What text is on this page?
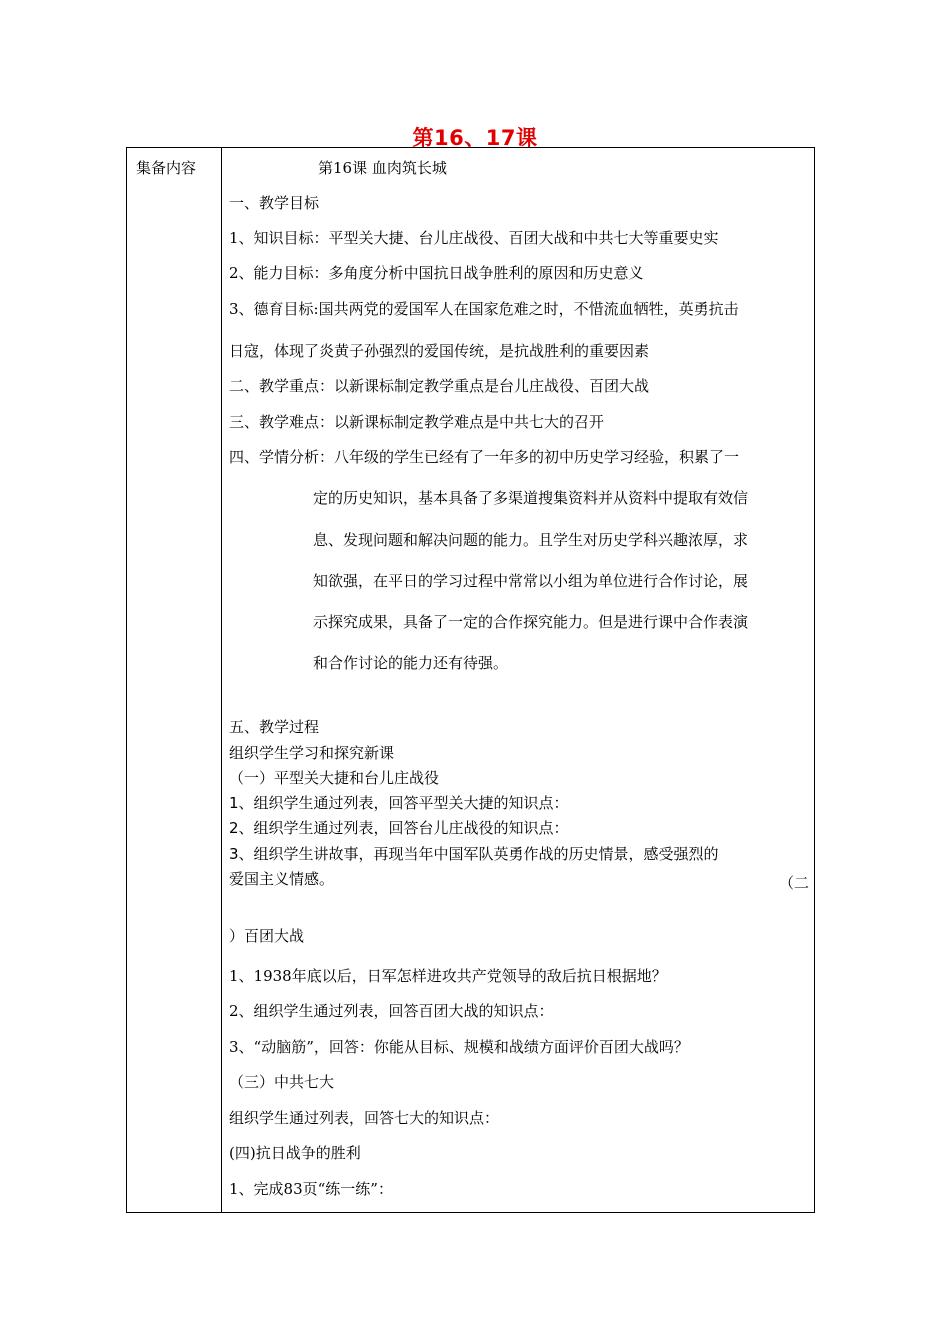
第16、17课
集备内容	第16课 血肉筑长城
一、教学目标
1、知识目标：平型关大捷、台儿庄战役、百团大战和中共七大等重要史实
2、能力目标：多角度分析中国抗日战争胜利的原因和历史意义
3、德育目标:国共两党的爱国军人在国家危难之时，不惜流血牺牲，英勇抗击
日寇，体现了炎黄子孙强烈的爱国传统，是抗战胜利的重要因素
二、教学重点：以新课标制定教学重点是台儿庄战役、百团大战
三、教学难点：以新课标制定教学难点是中共七大的召开
四、学情分析：八年级的学生已经有了一年多的初中历史学习经验，积累了一
定的历史知识，基本具备了多渠道搜集资料并从资料中提取有效信
息、发现问题和解决问题的能力。且学生对历史学科兴趣浓厚，求
知欲强，在平日的学习过程中常常以小组为单位进行合作讨论，展
示探究成果，具备了一定的合作探究能力。但是进行课中合作表演
和合作讨论的能力还有待强。
五、教学过程
组织学生学习和探究新课
（一）平型关大捷和台儿庄战役
1、组织学生通过列表，回答平型关大捷的知识点：
2、组织学生通过列表，回答台儿庄战役的知识点：
3、组织学生讲故事，再现当年中国军队英勇作战的历史情景，感受强烈的
爱国主义情感。	（二
）百团大战
1、1938年底以后，日军怎样进攻共产党领导的敌后抗日根据地？
2、组织学生通过列表，回答百团大战的知识点：
3、“动脑筋”，回答：你能从目标、规模和战绩方面评价百团大战吗？
（三）中共七大
组织学生通过列表，回答七大的知识点：
(四)抗日战争的胜利
1、完成83页“练一练”：
